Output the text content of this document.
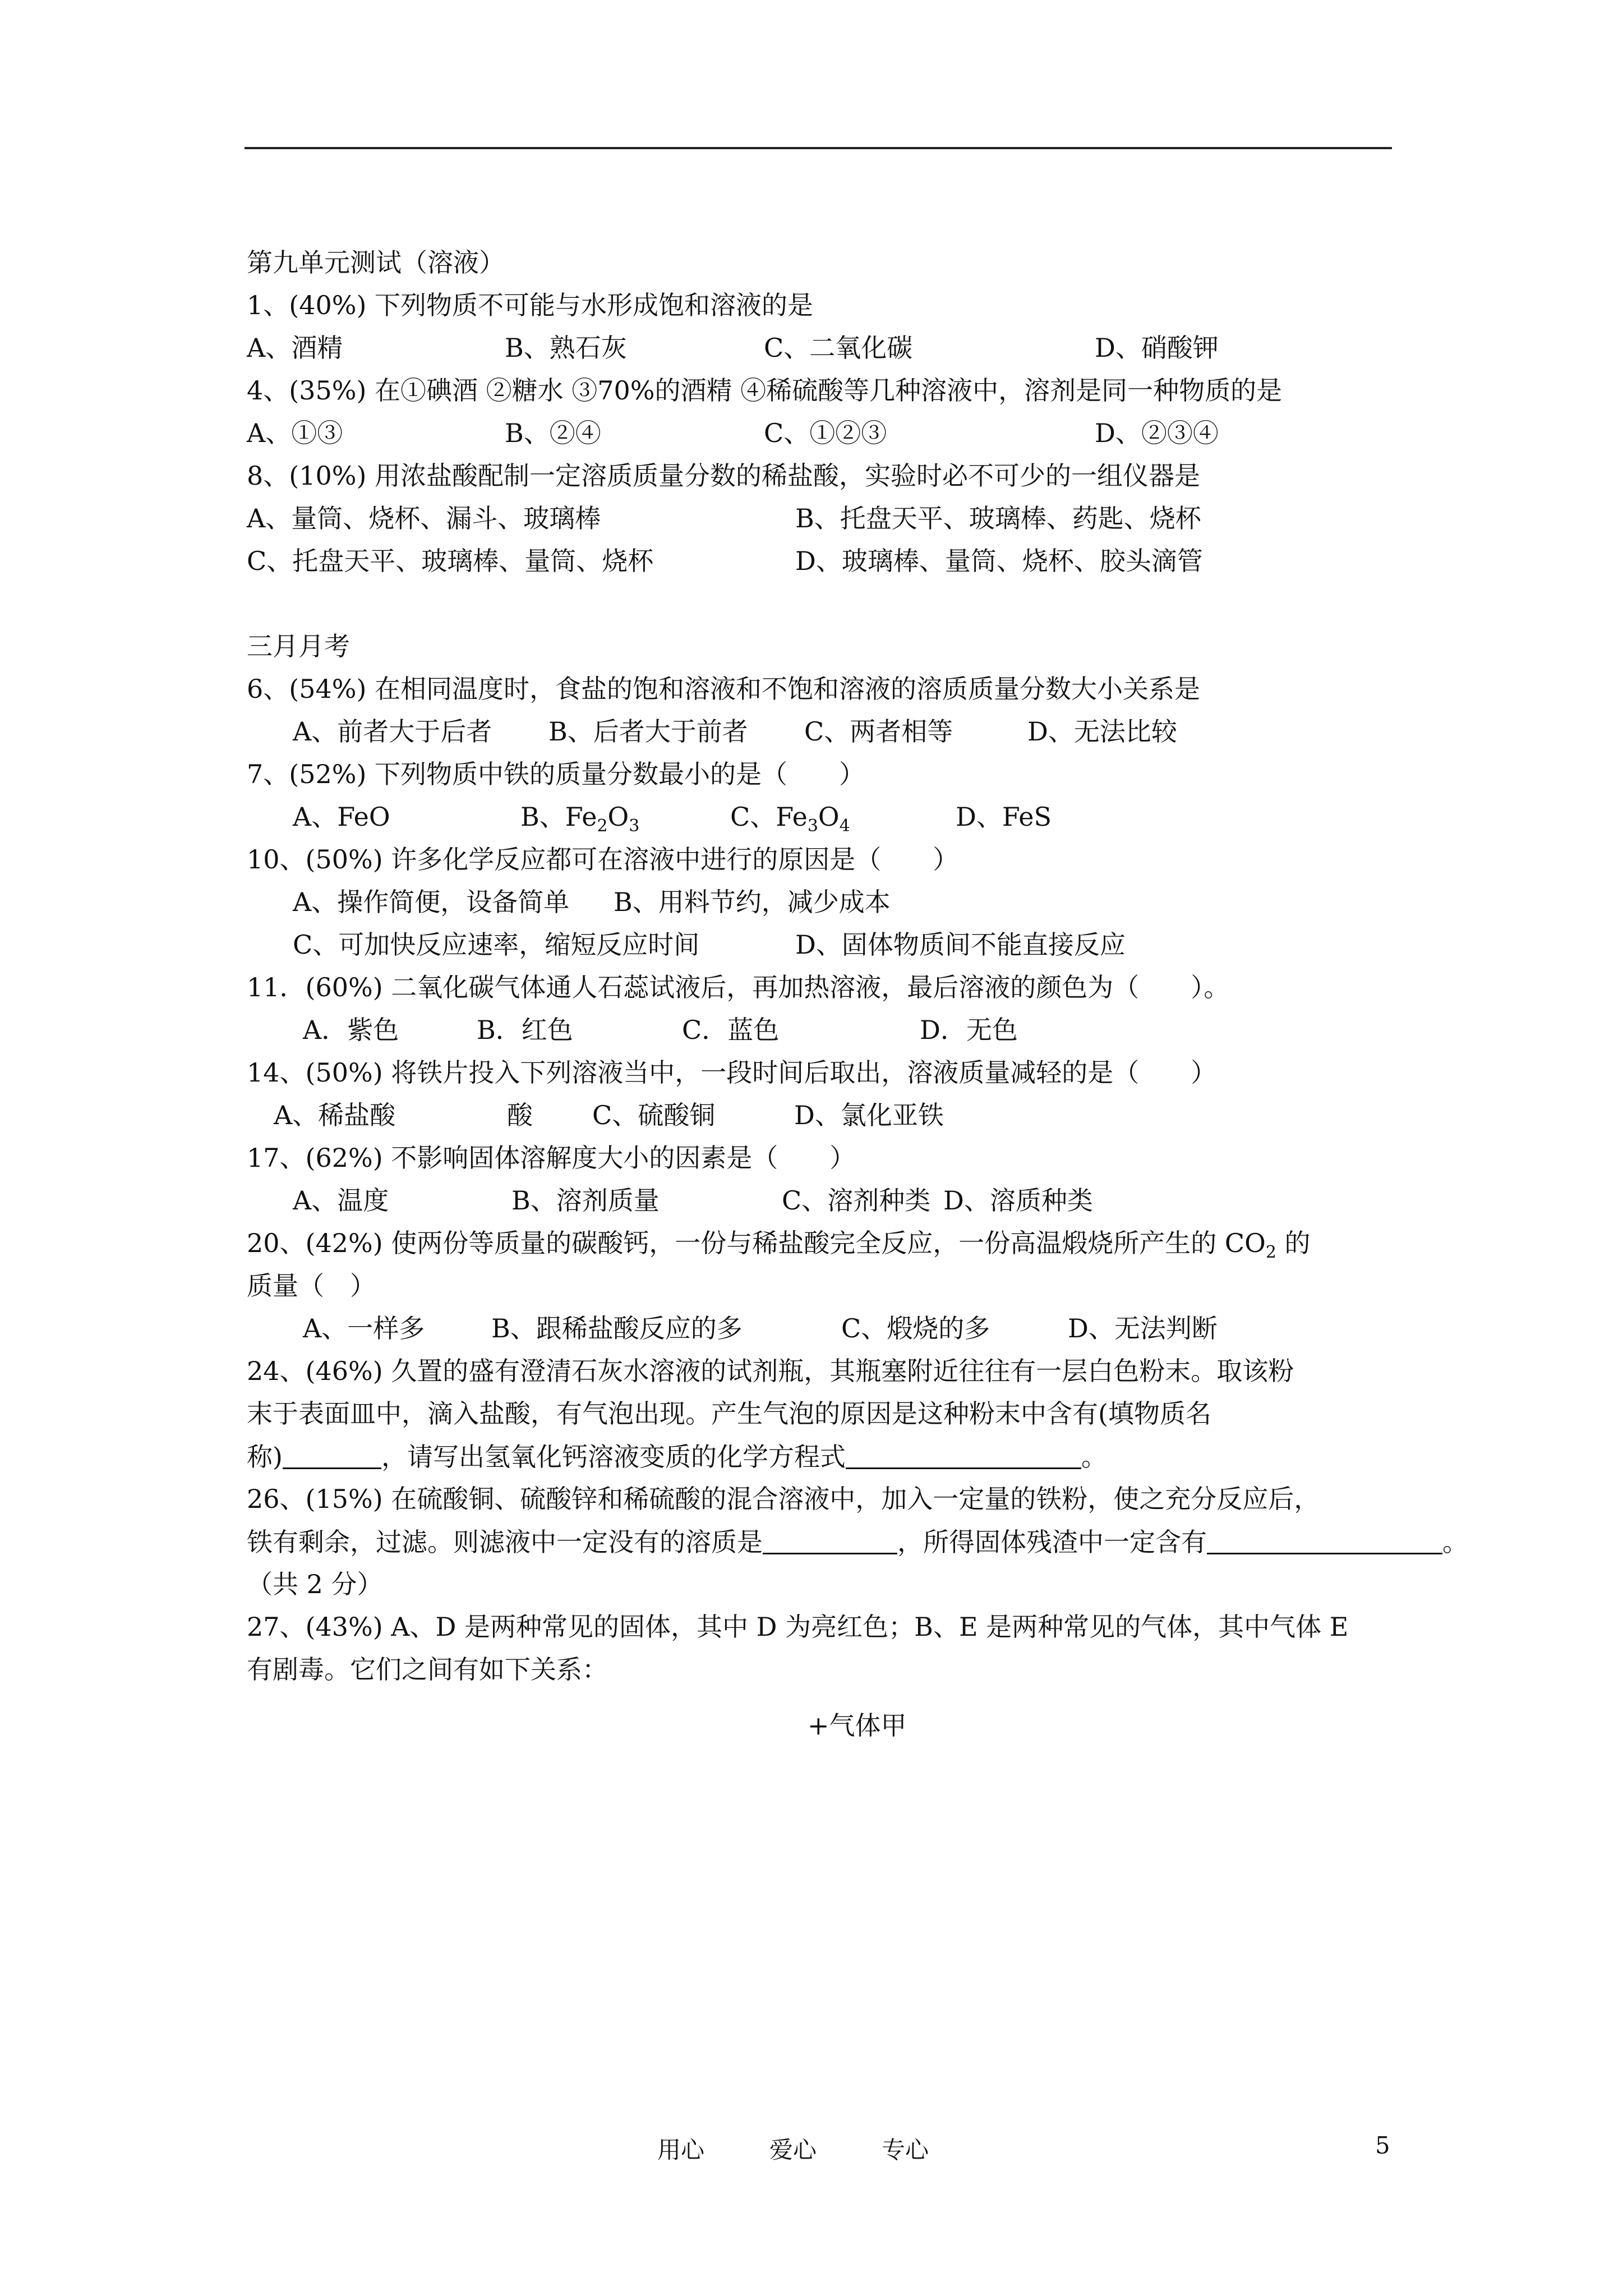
第九单元测试（溶液）
1、(40%) 下列物质不可能与水形成饱和溶液的是
A、酒精	B、熟石灰	C、二氧化碳	D、硝酸钾
4、(35%) 在①碘酒 ②糖水 ③70%的酒精 ④稀硫酸等几种溶液中，溶剂是同一种物质的是
A、①③	B、②④	C、①②③	D、②③④
8、(10%) 用浓盐酸配制一定溶质质量分数的稀盐酸，实验时必不可少的一组仪器是
A、量筒、烧杯、漏斗、玻璃棒	B、托盘天平、玻璃棒、药匙、烧杯
C、托盘天平、玻璃棒、量筒、烧杯	D、玻璃棒、量筒、烧杯、胶头滴管
三月月考
6、(54%) 在相同温度时，食盐的饱和溶液和不饱和溶液的溶质质量分数大小关系是
A、前者大于后者 B、后者大于前者 C、两者相等	D、无法比较
7、(52%) 下列物质中铁的质量分数最小的是（　　）
A、FeO	B、$Fe_2O_3$	C、$Fe_3O_4$	D、FeS
10、(50%) 许多化学反应都可在溶液中进行的原因是（　　）
A、操作简便，设备简单 B、用料节约，减少成本
C、可加快反应速率，缩短反应时间	D、固体物质间不能直接反应
11．(60%) 二氧化碳气体通人石蕊试液后，再加热溶液，最后溶液的颜色为（　　）。
A．紫色	B．红色	C．蓝色	D．无色
14、(50%) 将铁片投入下列溶液当中，一段时间后取出，溶液质量减轻的是（　　）
A、稀盐酸	酸 C、硫酸铜	D、氯化亚铁
17、(62%) 不影响固体溶解度大小的因素是（　　）
A、温度	B、溶剂质量	C、溶剂种类 D、溶质种类
20、(42%) 使两份等质量的碳酸钙，一份与稀盐酸完全反应，一份高温煅烧所产生的 $CO_2$ 的
质量（　）
A、一样多	B、跟稀盐酸反应的多	C、煅烧的多	D、无法判断
24、(46%) 久置的盛有澄清石灰水溶液的试剂瓶，其瓶塞附近往往有一层白色粉末。取该粉
末于表面皿中，滴入盐酸，有气泡出现。产生气泡的原因是这种粉末中含有(填物质名
称)	，请写出氢氧化钙溶液变质的化学方程式	。
26、(15%) 在硫酸铜、硫酸锌和稀硫酸的混合溶液中，加入一定量的铁粉，使之充分反应后，
铁有剩余，过滤。则滤液中一定没有的溶质是	，所得固体残渣中一定含有	。
（共 2 分）
27、(43%) A、D 是两种常见的固体，其中 D 为亮红色；B、E 是两种常见的气体，其中气体 E
有剧毒。它们之间有如下关系：
+气体甲
用心	爱心	专心	5
